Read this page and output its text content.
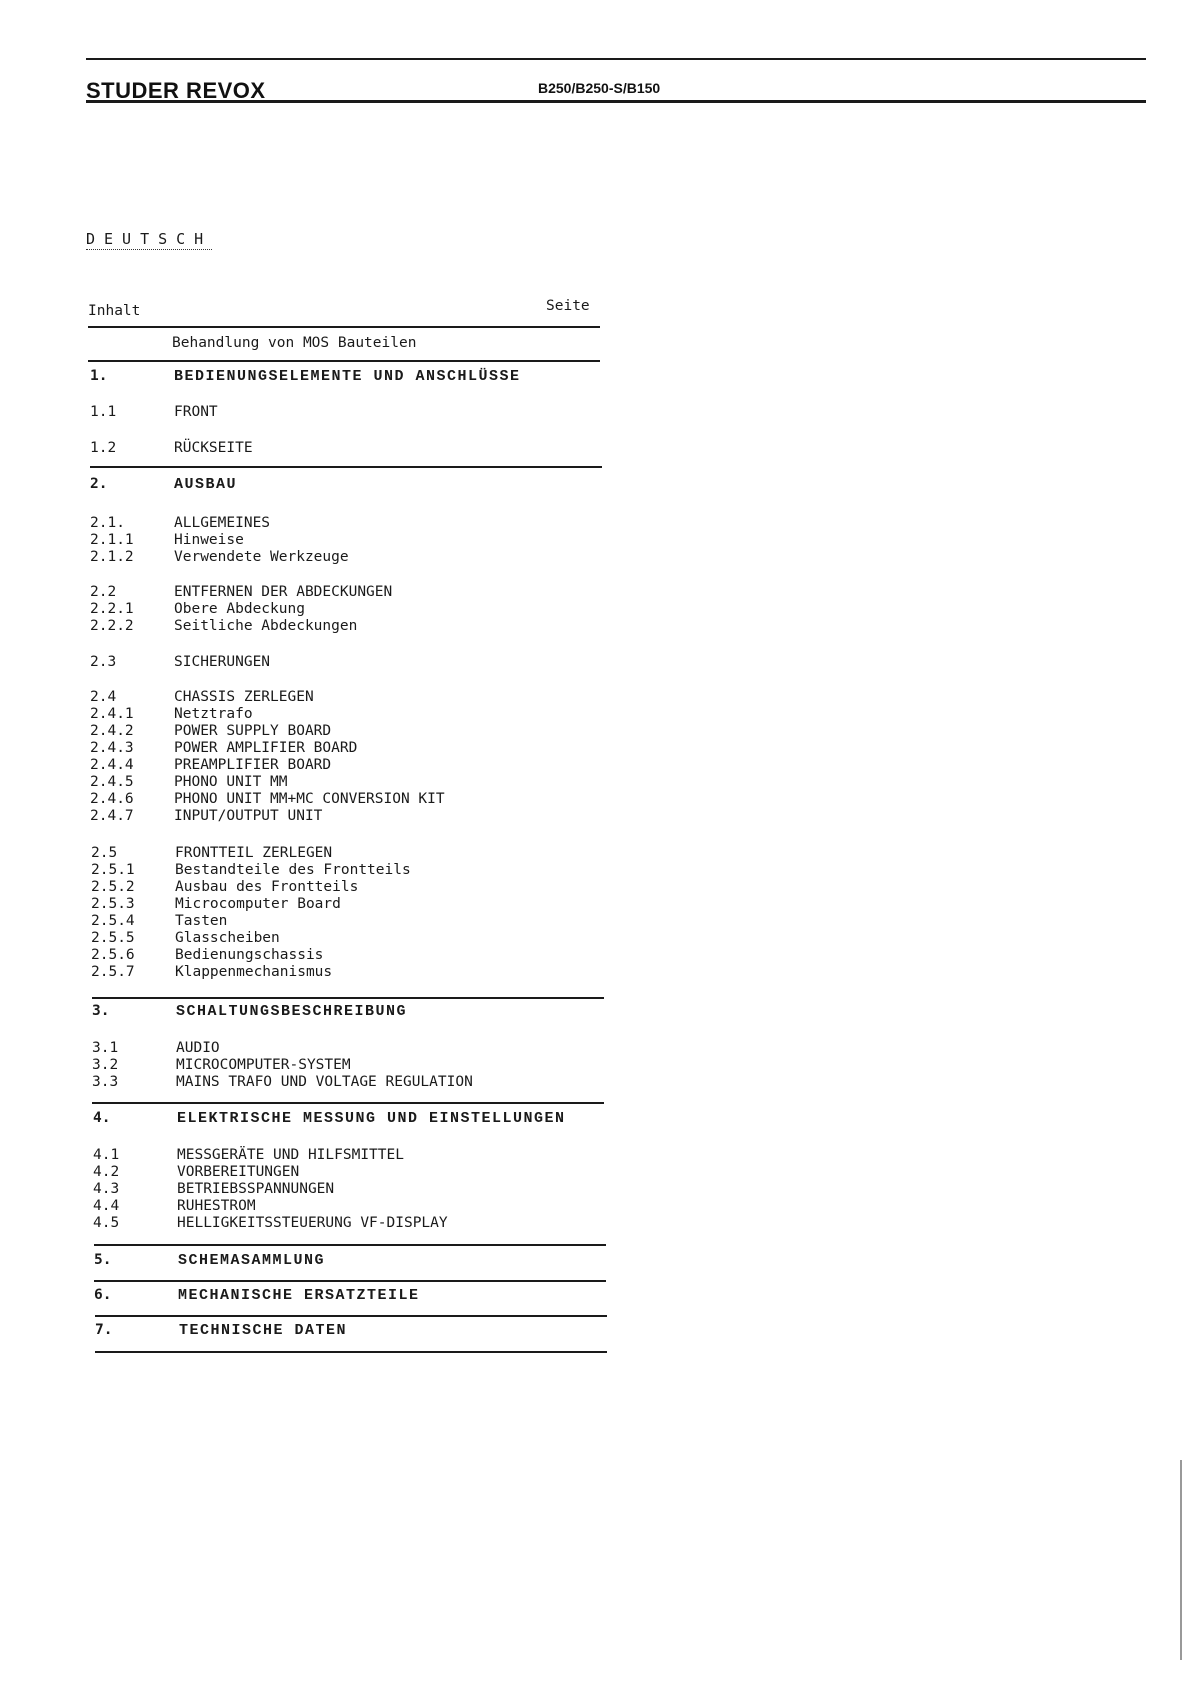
STUDER REVOX	B250/B250-S/B150
DEUTSCH
Inhalt	Seite
Behandlung von MOS Bauteilen
1.	BEDIENUNGSELEMENTE UND ANSCHLÜSSE
1.1	FRONT
1.2	RÜCKSEITE
2.	AUSBAU
2.1.	ALLGEMEINES
2.1.1	Hinweise
2.1.2	Verwendete Werkzeuge
2.2	ENTFERNEN DER ABDECKUNGEN
2.2.1	Obere Abdeckung
2.2.2	Seitliche Abdeckungen
2.3	SICHERUNGEN
2.4	CHASSIS ZERLEGEN
2.4.1	Netztrafo
2.4.2	POWER SUPPLY BOARD
2.4.3	POWER AMPLIFIER BOARD
2.4.4	PREAMPLIFIER BOARD
2.4.5	PHONO UNIT MM
2.4.6	PHONO UNIT MM+MC CONVERSION KIT
2.4.7	INPUT/OUTPUT UNIT
2.5	FRONTTEIL ZERLEGEN
2.5.1	Bestandteile des Frontteils
2.5.2	Ausbau des Frontteils
2.5.3	Microcomputer Board
2.5.4	Tasten
2.5.5	Glasscheiben
2.5.6	Bedienungschassis
2.5.7	Klappenmechanismus
3.	SCHALTUNGSBESCHREIBUNG
3.1	AUDIO
3.2	MICROCOMPUTER-SYSTEM
3.3	MAINS TRAFO UND VOLTAGE REGULATION
4.	ELEKTRISCHE MESSUNG UND EINSTELLUNGEN
4.1	MESSGERÄTE UND HILFSMITTEL
4.2	VORBEREITUNGEN
4.3	BETRIEBSSPANNUNGEN
4.4	RUHESTROM
4.5	HELLIGKEITSSTEUERUNG VF-DISPLAY
5.	SCHEMASAMMLUNG
6.	MECHANISCHE ERSATZTEILE
7.	TECHNISCHE DATEN
